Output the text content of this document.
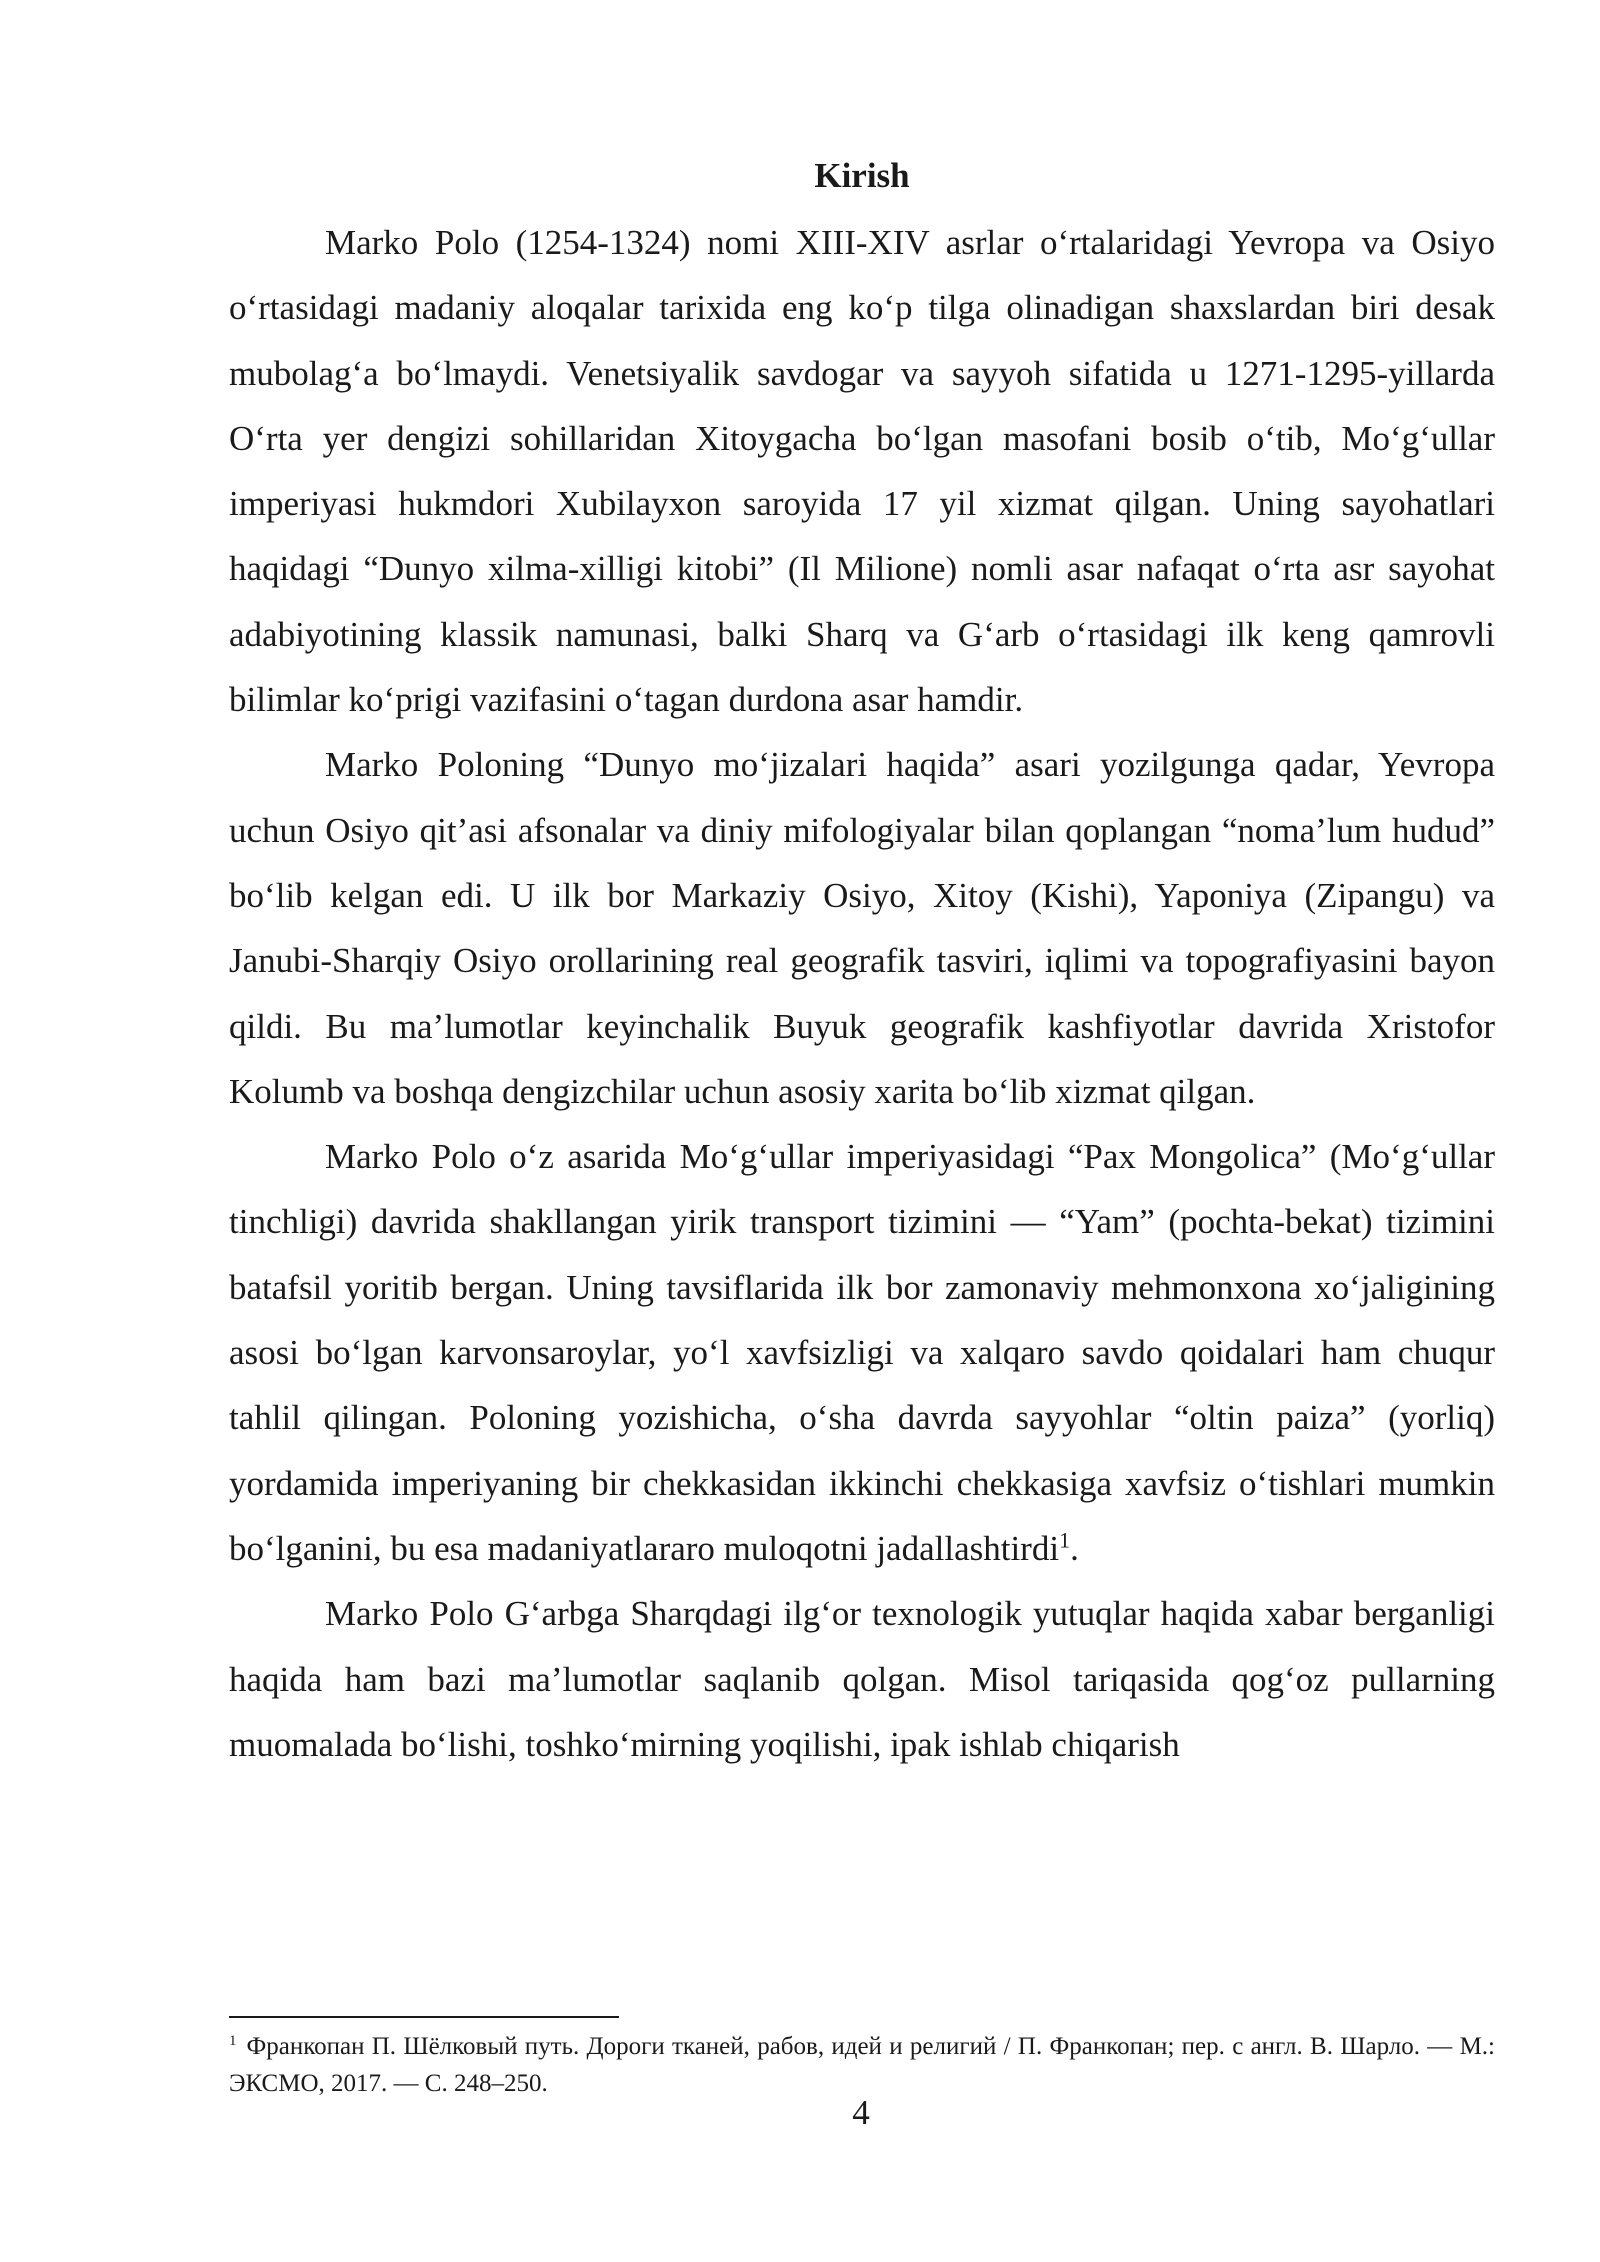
Kirish

Marko Polo (1254-1324) nomi XIII-XIV asrlar oʻrtalaridagi Yevropa va Osiyo oʻrtasidagi madaniy aloqalar tarixida eng koʻp tilga olinadigan shaxslardan biri desak mubolagʻa boʻlmaydi. Venetsiyalik savdogar va sayyoh sifatida u 1271-1295-yillarda Oʻrta yer dengizi sohillaridan Xitoygacha boʻlgan masofani bosib oʻtib, Moʻgʻullar imperiyasi hukmdori Xubilayxon saroyida 17 yil xizmat qilgan. Uning sayohatlari haqidagi “Dunyo xilma-xilligi kitobi” (Il Milione) nomli asar nafaqat oʻrta asr sayohat adabiyotining klassik namunasi, balki Sharq va Gʻarb oʻrtasidagi ilk keng qamrovli bilimlar koʻprigi vazifasini oʻtagan durdona asar hamdir.

Marko Poloning “Dunyo moʻjizalari haqida” asari yozilgunga qadar, Yevropa uchun Osiyo qit’asi afsonalar va diniy mifologiyalar bilan qoplangan “noma’lum hudud” boʻlib kelgan edi. U ilk bor Markaziy Osiyo, Xitoy (Kishi), Yaponiya (Zipangu) va Janubi-Sharqiy Osiyo orollarining real geografik tasviri, iqlimi va topografiyasini bayon qildi. Bu ma’lumotlar keyinchalik Buyuk geografik kashfiyotlar davrida Xristofor Kolumb va boshqa dengizchilar uchun asosiy xarita boʻlib xizmat qilgan.

Marko Polo oʻz asarida Moʻgʻullar imperiyasidagi “Pax Mongolica” (Moʻgʻullar tinchligi) davrida shakllangan yirik transport tizimini — “Yam” (pochta-bekat) tizimini batafsil yoritib bergan. Uning tavsiflarida ilk bor zamonaviy mehmonxona xoʻjaligining asosi boʻlgan karvonsaroylar, yoʻl xavfsizligi va xalqaro savdo qoidalari ham chuqur tahlil qilingan. Poloning yozishicha, oʻsha davrda sayyohlar “oltin paiza” (yorliq) yordamida imperiyaning bir chekkasidan ikkinchi chekkasiga xavfsiz oʻtishlari mumkin boʻlganini, bu esa madaniyatlararo muloqotni jadallashtirdi$^1$.

Marko Polo Gʻarbga Sharqdagi ilgʻor texnologik yutuqlar haqida xabar berganligi haqida ham bazi ma’lumotlar saqlanib qolgan. Misol tariqasida qogʻoz pullarning muomalada boʻlishi, toshkoʻmirning yoqilishi, ipak ishlab chiqarish

$^1$ Франкопан П. Шёлковый путь. Дороги тканей, рабов, идей и религий / П. Франкопан; пер. с англ. В. Шарло. — М.: ЭКСМО, 2017. — С. 248–250.

4
